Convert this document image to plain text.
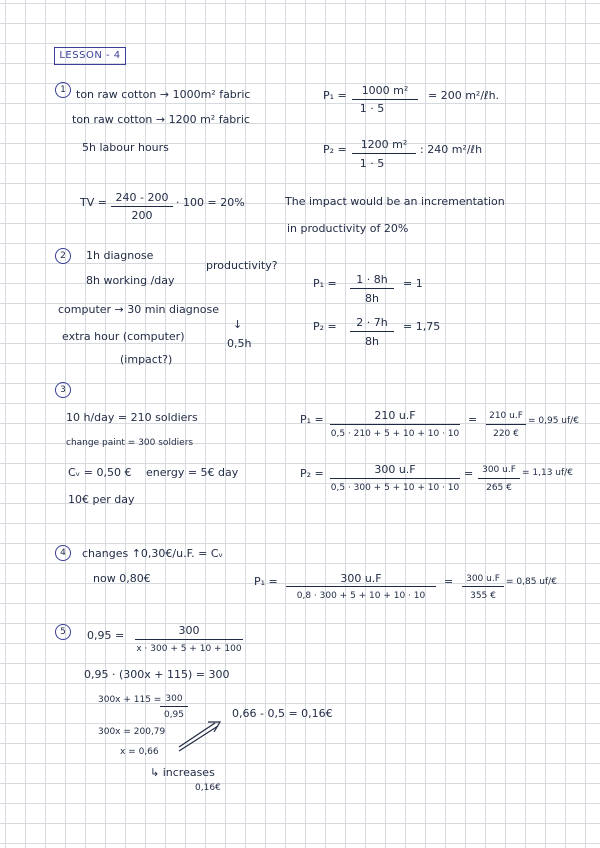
LESSON - 4
1 ton raw cotton → 1000m² fabric
ton raw cotton → 1200 m² fabric
5h labour hours
P₁ =	1000 m²
1 · 5
= 200 m²/ℓh.
P₂ =	1200 m²
1 · 5
: 240 m²/ℓh
TV = 240 - 200
200
· 100 = 20%	The impact would be an incrementation
in productivity of 20%
2	1h diagnose
productivity?
8h working /day
computer → 30 min diagnose
↓
extra hour (computer)
0,5h
(impact?)
P₁ =	1 · 8h
8h
= 1
P₂ =	2 · 7h
8h
= 1,75
3
10 h/day = 210 soldiers
change paint = 300 soldiers
Cᵥ = 0,50 € energy = 5€ day
10€ per day
P₁ =	210 u.F
0,5 · 210 + 5 + 10 + 10 · 10
=	210 u.F
220 €
= 0,95 uf/€
P₂ =	300 u.F
0,5 · 300 + 5 + 10 + 10 · 10
= 300 u.F
265 €
= 1,13 uf/€
4	changes ↑0,30€/u.F. = Cᵥ
now 0,80€	P₁ =	300 u.F
0,8 · 300 + 5 + 10 + 10 · 10
=	300 u.F
355 €
= 0,85 uf/€
5	0,95 =	300
x · 300 + 5 + 10 + 100
0,95 · (300x + 115) = 300
300x + 115 = 300
0,95
300x = 200,79
x = 0,66
0,66 - 0,5 = 0,16€
↳ increases
0,16€
